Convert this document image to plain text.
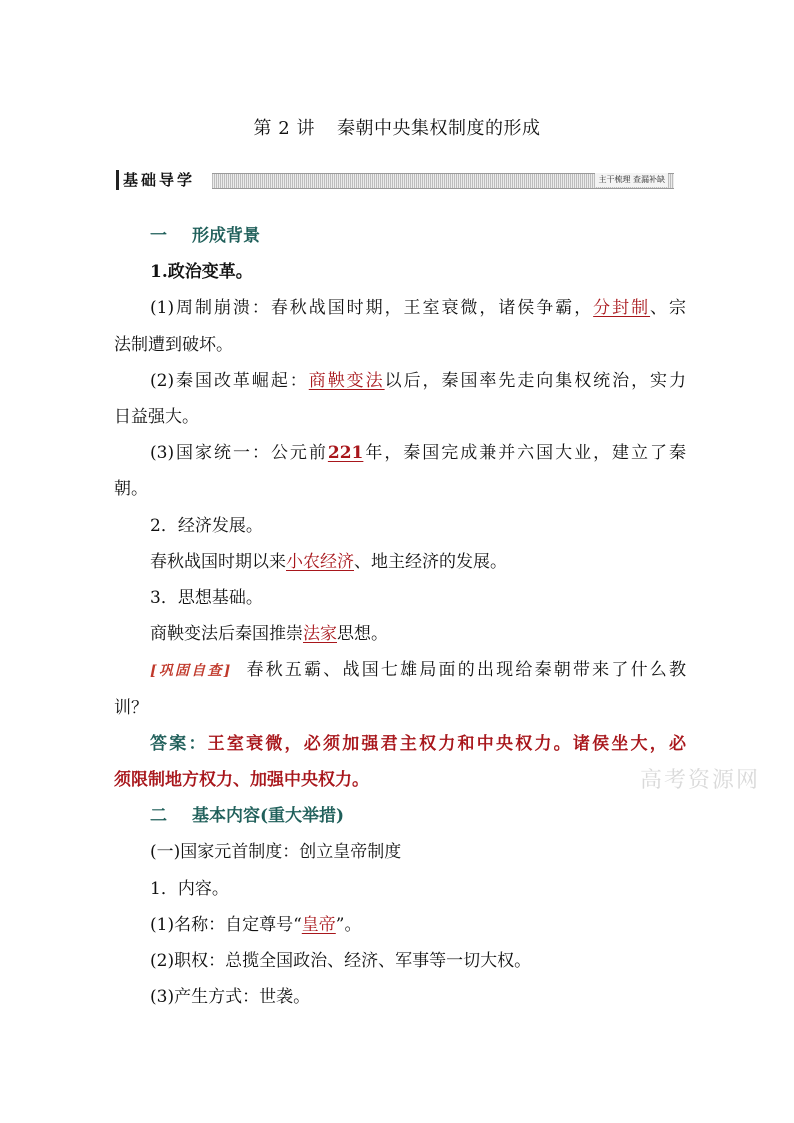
第 2 讲 秦朝中央集权制度的形成
基础导学	主干梳理 查漏补缺

一 形成背景

1.政治变革。

(1)周制崩溃：春秋战国时期，王室衰微，诸侯争霸，分封制、宗

法制遭到破坏。

(2)秦国改革崛起：商鞅变法以后，秦国率先走向集权统治，实力

日益强大。

(3)国家统一：公元前221年，秦国完成兼并六国大业，建立了秦

朝。

2．经济发展。

春秋战国时期以来小农经济、地主经济的发展。

3．思想基础。

商鞅变法后秦国推崇法家思想。

[巩固自查] 春秋五霸、战国七雄局面的出现给秦朝带来了什么教

训？

答案：王室衰微，必须加强君主权力和中央权力。诸侯坐大，必

须限制地方权力、加强中央权力。

二 基本内容(重大举措)

(一)国家元首制度：创立皇帝制度

1．内容。

(1)名称：自定尊号“皇帝”。

(2)职权：总揽全国政治、经济、军事等一切大权。

(3)产生方式：世袭。

高考资源网
